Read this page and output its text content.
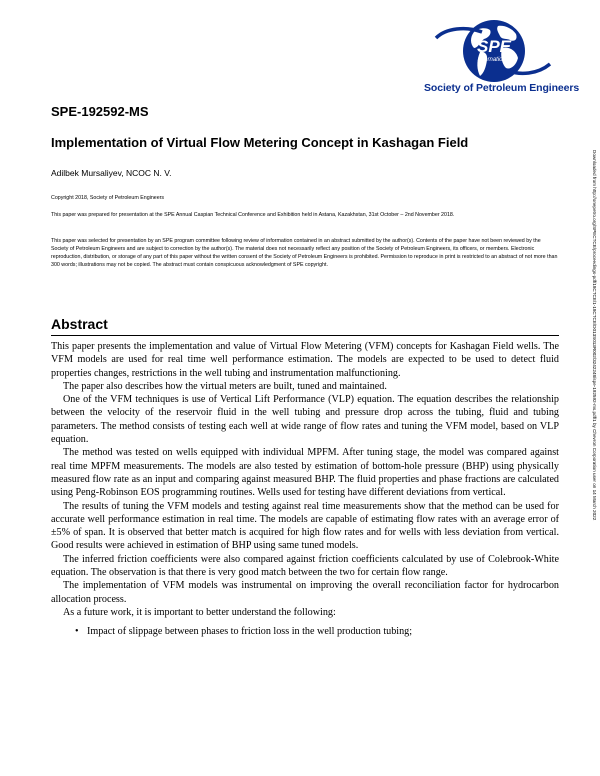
SPE
International
Society of Petroleum Engineers
SPE-192592-MS
Implementation of Virtual Flow Metering Concept in Kashagan Field
Adilbek Mursaliyev, NCOC N. V.

Copyright 2018, Society of Petroleum Engineers

This paper was prepared for presentation at the SPE Annual Caspian Technical Conference and Exhibition held in Astana, Kazakhstan, 31st October – 2nd November 2018.

This paper was selected for presentation by an SPE program committee following review of information contained in an abstract submitted by the author(s). Contents of the paper have not been reviewed by the Society of Petroleum Engineers and are subject to correction by the author(s). The material does not necessarily reflect any position of the Society of Petroleum Engineers, its officers, or members. Electronic reproduction, distribution, or storage of any part of this paper without the written consent of the Society of Petroleum Engineers is prohibited. Permission to reproduce in print is restricted to an abstract of not more than 300 words; illustrations may not be copied. The abstract must contain conspicuous acknowledgment of SPE copyright.

Abstract

This paper presents the implementation and value of Virtual Flow Metering (VFM) concepts for Kashagan Field wells. The VFM models are used for real time well performance estimation. The models are expected to be used to detect fluid properties changes, restrictions in the well tubing and instrumentation malfunctioning.

The paper also describes how the virtual meters are built, tuned and maintained.

One of the VFM techniques is use of Vertical Lift Performance (VLP) equation. The equation describes the relationship between the velocity of the reservoir fluid in the well tubing and pressure drop across the tubing, fluid and tubing parameters. The method consists of testing each well at wide range of flow rates and tuning the VFM model, based on VLP equation.

The method was tested on wells equipped with individual MPFM. After tuning stage, the model was compared against real time MPFM measurements. The models are also tested by estimation of bottom-hole pressure (BHP) using physically measured flow rate as an input and comparing against measured BHP. The fluid properties and phase fractions are calculated using Peng-Robinson EOS programming routines. Wells used for testing have different deviations from vertical.

The results of tuning the VFM models and testing against real time measurements show that the method can be used for accurate well performance estimation in real time. The models are capable of estimating flow rates with an average error of ±5% of span. It is observed that better match is acquired for high flow rates and for wells with less deviation from vertical. Good results were achieved in estimation of BHP using same tuned models.

The inferred friction coefficients were also compared against friction coefficients calculated by use of Colebrook-White equation. The observation is that there is very good match between the two for certain flow range.

The implementation of VFM models was instrumental on improving the overall reconciliation factor for hydrocarbon allocation process.

As a future work, it is important to better understand the following:

• Impact of slippage between phases to friction loss in the well production tubing;
Downloaded from http://onepetro.org/SPECTCE/proceedings-pdf/18CTCE/1-18CTCE/D013S013R002/3242248/spe-192592-ms.pdf/1 by Chevron Corporation user on 14 March 2022
